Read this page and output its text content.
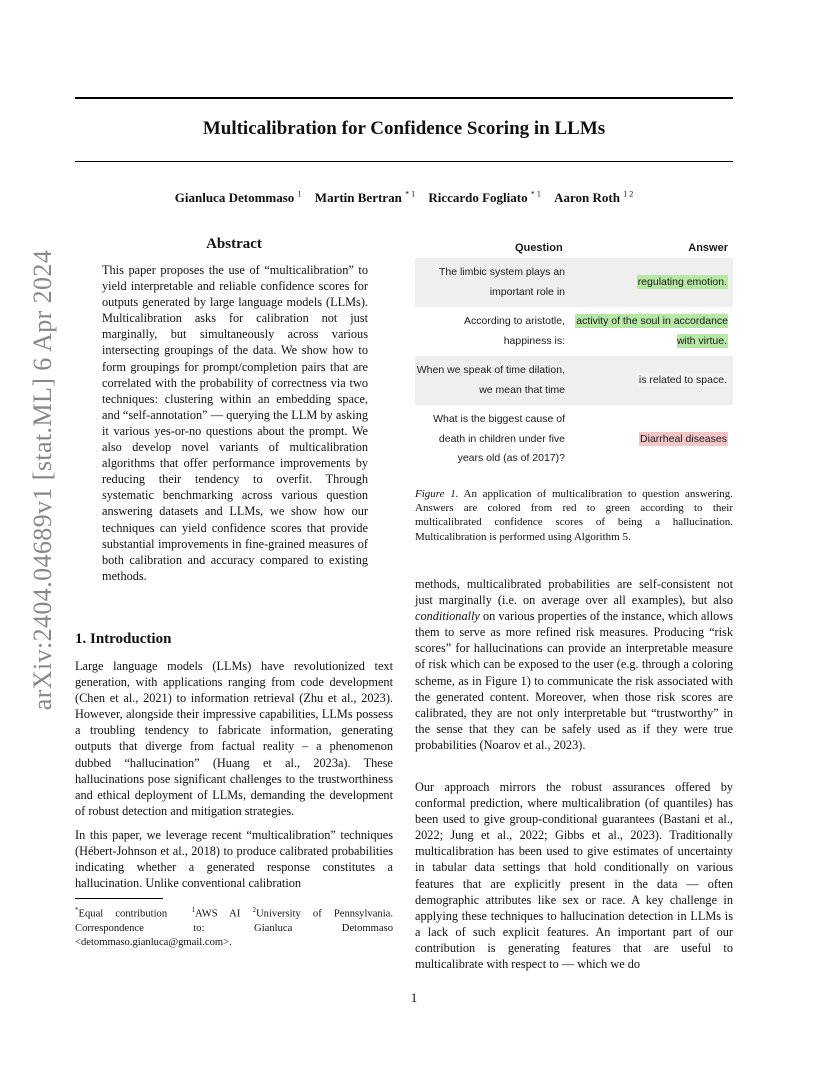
Multicalibration for Confidence Scoring in LLMs
Gianluca Detommaso $^1$ Martin Bertran $^{* 1}$ Riccardo Fogliato $^{* 1}$ Aaron Roth $^{1 2}$
arXiv:2404.04689v1 [stat.ML] 6 Apr 2024
Abstract

This paper proposes the use of “multicalibration” to yield interpretable and reliable confidence scores for outputs generated by large language models (LLMs). Multicalibration asks for calibration not just marginally, but simultaneously across various intersecting groupings of the data. We show how to form groupings for prompt/completion pairs that are correlated with the probability of correctness via two techniques: clustering within an embedding space, and “self-annotation” — querying the LLM by asking it various yes-or-no questions about the prompt. We also develop novel variants of multicalibration algorithms that offer performance improvements by reducing their tendency to overfit. Through systematic benchmarking across various question answering datasets and LLMs, we show how our techniques can yield confidence scores that provide substantial improvements in fine-grained measures of both calibration and accuracy compared to existing methods.

1. Introduction

Large language models (LLMs) have revolutionized text generation, with applications ranging from code development (Chen et al., 2021) to information retrieval (Zhu et al., 2023). However, alongside their impressive capabilities, LLMs possess a troubling tendency to fabricate information, generating outputs that diverge from factual reality – a phenomenon dubbed “hallucination” (Huang et al., 2023a). These hallucinations pose significant challenges to the trustworthiness and ethical deployment of LLMs, demanding the development of robust detection and mitigation strategies.

In this paper, we leverage recent “multicalibration” techniques (Hébert-Johnson et al., 2018) to produce calibrated probabilities indicating whether a generated response constitutes a hallucination. Unlike conventional calibration

*Equal contribution	$^1$AWS AI $^2$University of Pennsylvania. Correspondence to: Gianluca Detommaso <detommaso.gianluca@gmail.com>.

Question	Answer
The limbic system plays an important role in
regulating emotion.
According to aristotle, happiness is:
activity of the soul in accordance with virtue.
When we speak of time dilation, we mean that time
is related to space.
What is the biggest cause of death in children under five years old (as of 2017)?
Diarrheal diseases

Figure 1. An application of multicalibration to question answering. Answers are colored from red to green according to their multicalibrated confidence scores of being a hallucination. Multicalibration is performed using Algorithm 5.

methods, multicalibrated probabilities are self-consistent not just marginally (i.e. on average over all examples), but also conditionally on various properties of the instance, which allows them to serve as more refined risk measures. Producing “risk scores” for hallucinations can provide an interpretable measure of risk which can be exposed to the user (e.g. through a coloring scheme, as in Figure 1) to communicate the risk associated with the generated content. Moreover, when those risk scores are calibrated, they are not only interpretable but “trustworthy” in the sense that they can be safely used as if they were true probabilities (Noarov et al., 2023).

Our approach mirrors the robust assurances offered by conformal prediction, where multicalibration (of quantiles) has been used to give group-conditional guarantees (Bastani et al., 2022; Jung et al., 2022; Gibbs et al., 2023). Traditionally multicalibration has been used to give estimates of uncertainty in tabular data settings that hold conditionally on various features that are explicitly present in the data — often demographic attributes like sex or race. A key challenge in applying these techniques to hallucination detection in LLMs is a lack of such explicit features. An important part of our contribution is generating features that are useful to multicalibrate with respect to — which we do

1
